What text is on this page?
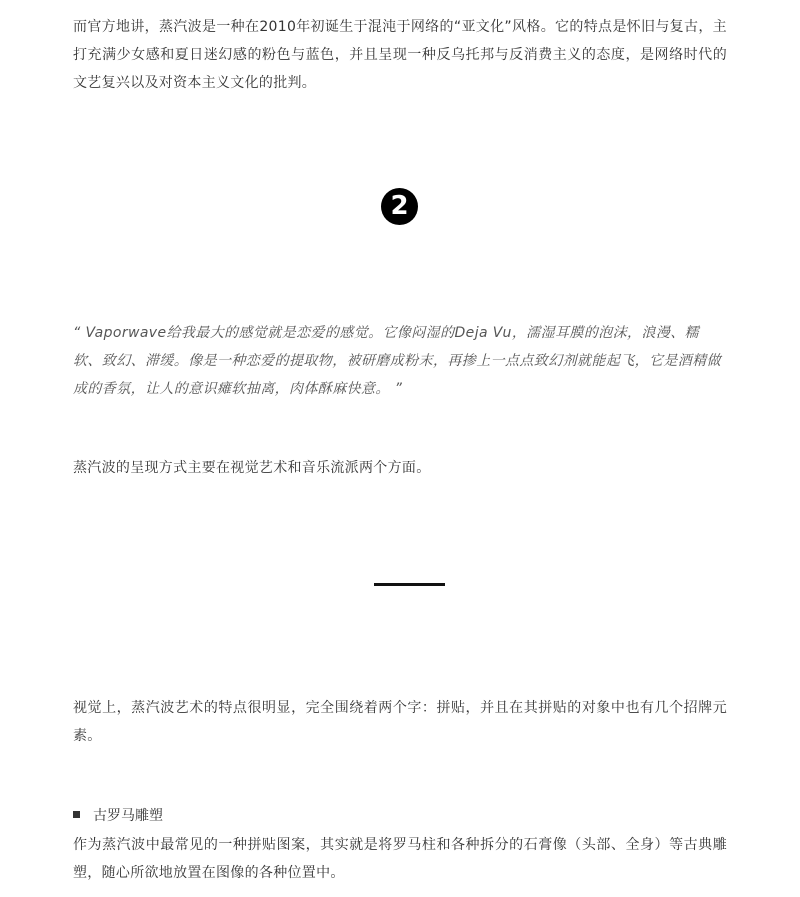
而官方地讲，蒸汽波是一种在2010年初诞生于混沌于网络的“亚文化”风格。它的特点是怀旧与复古，主打充满少女感和夏日迷幻感的粉色与蓝色，并且呈现一种反乌托邦与反消费主义的态度，是网络时代的文艺复兴以及对资本主义文化的批判。

2

“ Vaporwave给我最大的感觉就是恋爱的感觉。它像闷湿的Deja Vu，濡湿耳膜的泡沫，浪漫、糯软、致幻、滞缓。像是一种恋爱的提取物，被研磨成粉末，再掺上一点点致幻剂就能起飞，它是酒精做成的香氛，让人的意识瘫软抽离，肉体酥麻快意。 ”

蒸汽波的呈现方式主要在视觉艺术和音乐流派两个方面。

视觉上，蒸汽波艺术的特点很明显，完全围绕着两个字：拼贴，并且在其拼贴的对象中也有几个招牌元素。

古罗马雕塑

作为蒸汽波中最常见的一种拼贴图案，其实就是将罗马柱和各种拆分的石膏像（头部、全身）等古典雕塑，随心所欲地放置在图像的各种位置中。
